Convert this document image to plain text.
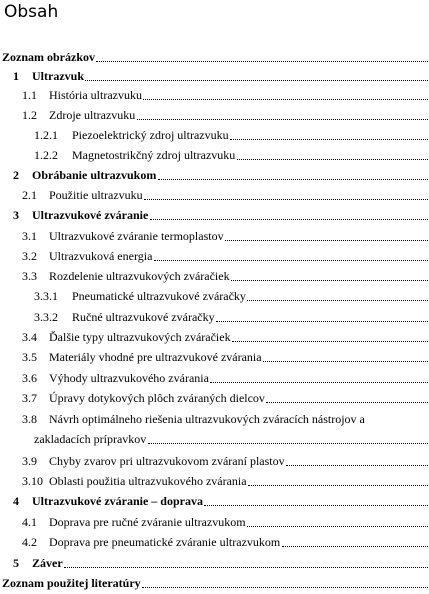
Obsah
Zoznam obrázkov
1 Ultrazvuk
1.1 História ultrazvuku
1.2 Zdroje ultrazvuku
1.2.1 Piezoelektrický zdroj ultrazvuku
1.2.2 Magnetostrikčný zdroj ultrazvuku
2 Obrábanie ultrazvukom
2.1 Použitie ultrazvuku
3 Ultrazvukové zváranie
3.1 Ultrazvukové zváranie termoplastov
3.2 Ultrazvuková energia
3.3 Rozdelenie ultrazvukových zváračiek
3.3.1 Pneumatické ultrazvukové zváračky
3.3.2 Ručné ultrazvukové zváračky
3.4 Ďalšie typy ultrazvukových zváračiek
3.5 Materiály vhodné pre ultrazvukové zvárania
3.6 Výhody ultrazvukového zvárania
3.7 Úpravy dotykových plôch zváraných dielcov
3.8 Návrh optimálneho riešenia ultrazvukových zváracích nástrojov a
zakladacích prípravkov
3.9 Chyby zvarov pri ultrazvukovom zváraní plastov
3.10 Oblasti použitia ultrazvukového zvárania
4 Ultrazvukové zváranie – doprava
4.1 Doprava pre ručné zváranie ultrazvukom
4.2 Doprava pre pneumatické zváranie ultrazvukom
5 Záver
Zoznam použitej literatúry
